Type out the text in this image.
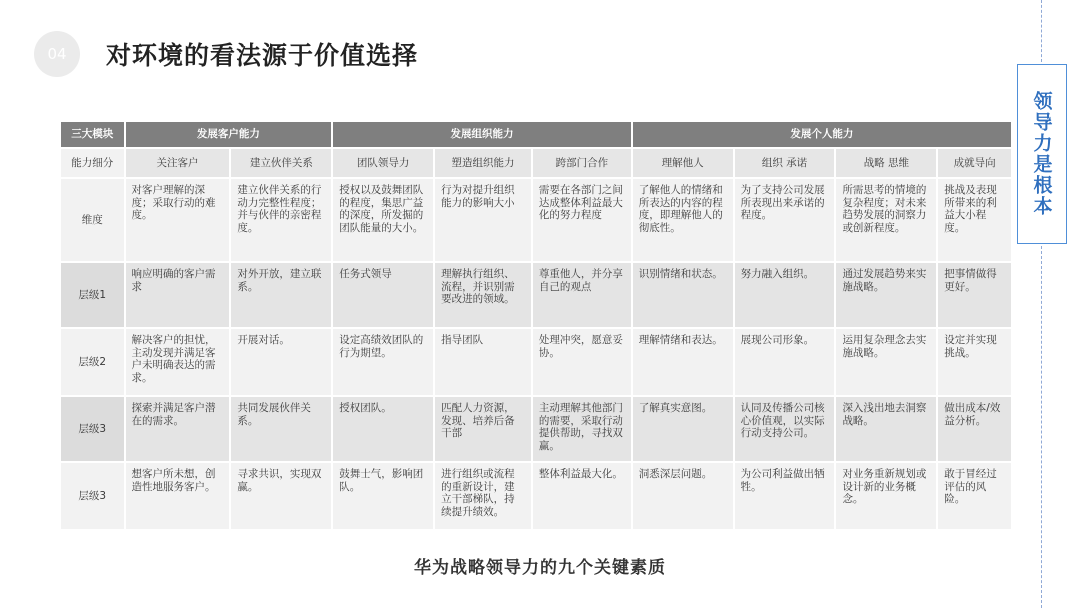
04 对环境的看法源于价值选择
领导力是根本
三大模块	发展客户能力		发展组织能力			发展个人能力			
能力细分	关注客户	建立伙伴关系	团队领导力	塑造组织能力	跨部门合作	理解他人	组织 承诺	战略 思维	成就导向
维度	对客户理解的深度；采取行动的难度。	建立伙伴关系的行动力完整性程度；并与伙伴的亲密程度。	授权以及鼓舞团队的程度，集思广益的深度，所发掘的团队能量的大小。	行为对提升组织能力的影响大小	需要在各部门之间达成整体利益最大化的努力程度	了解他人的情绪和所表达的内容的程度，即理解他人的彻底性。	为了支持公司发展所表现出来承诺的程度。	所需思考的情境的复杂程度；对未来趋势发展的洞察力或创新程度。	挑战及表现所带来的利益大小程度。
层级1	响应明确的客户需求	对外开放，建立联系。	任务式领导	理解执行组织、流程，并识别需要改进的领域。	尊重他人，并分享自己的观点	识别情绪和状态。	努力融入组织。	通过发展趋势来实施战略。	把事情做得更好。
层级2	解决客户的担忧，主动发现并满足客户未明确表达的需求。	开展对话。	设定高绩效团队的行为期望。	指导团队	处理冲突，愿意妥协。	理解情绪和表达。	展现公司形象。	运用复杂理念去实施战略。	设定并实现挑战。
层级3	探索并满足客户潜在的需求。	共同发展伙伴关系。	授权团队。	匹配人力资源，发现、培养后备干部	主动理解其他部门的需要，采取行动提供帮助，寻找双赢。	了解真实意图。	认同及传播公司核心价值观，以实际行动支持公司。	深入浅出地去洞察战略。	做出成本/效益分析。
层级3	想客户所未想，创造性地服务客户。	寻求共识，实现双赢。	鼓舞士气，影响团队。	进行组织或流程的重新设计，建立干部梯队，持续提升绩效。	整体利益最大化。	洞悉深层问题。	为公司利益做出牺牲。	对业务重新规划或设计新的业务概念。	敢于冒经过评估的风险。
华为战略领导力的九个关键素质
